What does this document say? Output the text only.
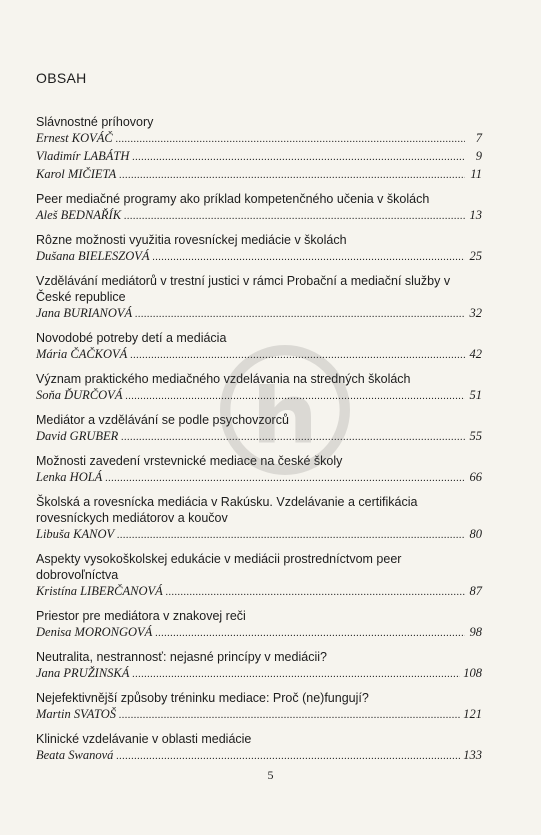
OBSAH
Slávnostné príhovory
Ernest KOVÁČ .....	7
Vladimír LABÁTH .....	9
Karol MIČIETA .....	11
Peer mediačné programy ako príklad kompetenčného učenia v školách
Aleš BEDNAŘÍK .....	13
Rôzne možnosti využitia rovesníckej mediácie v školách
Dušana BIELESZOVÁ .....	25
Vzdělávání mediátorů v trestní justici v rámci Probační a mediační služby v České republice
Jana BURIANOVÁ .....	32
Novodobé potreby detí a mediácia
Mária ČAČKOVÁ .....	42
Význam praktického mediačného vzdelávania na stredných školách
Soňa ĎURČOVÁ .....	51
Mediátor a vzdělávání se podle psychovzorců
David GRUBER .....	55
Možnosti zavedení vrstevnické mediace na české školy
Lenka HOLÁ .....	66
Školská a rovesnícka mediácia v Rakúsku. Vzdelávanie a certifikácia rovesníckych mediátorov a koučov
Libuša KANOV .....	80
Aspekty vysokoškolskej edukácie v mediácii prostredníctvom peer dobrovoľníctva
Kristína LIBERČANOVÁ .....	87
Priestor pre mediátora v znakovej reči
Denisa MORONGOVÁ .....	98
Neutralita, nestrannosť: nejasné princípy v mediácii?
Jana PRUŽINSKÁ .....	108
Nejefektivnější způsoby tréninku mediace: Proč (ne)fungují?
Martin SVATOŠ .....	121
Klinické vzdelávanie v oblasti mediácie
Beata Swanová .....	133
5
